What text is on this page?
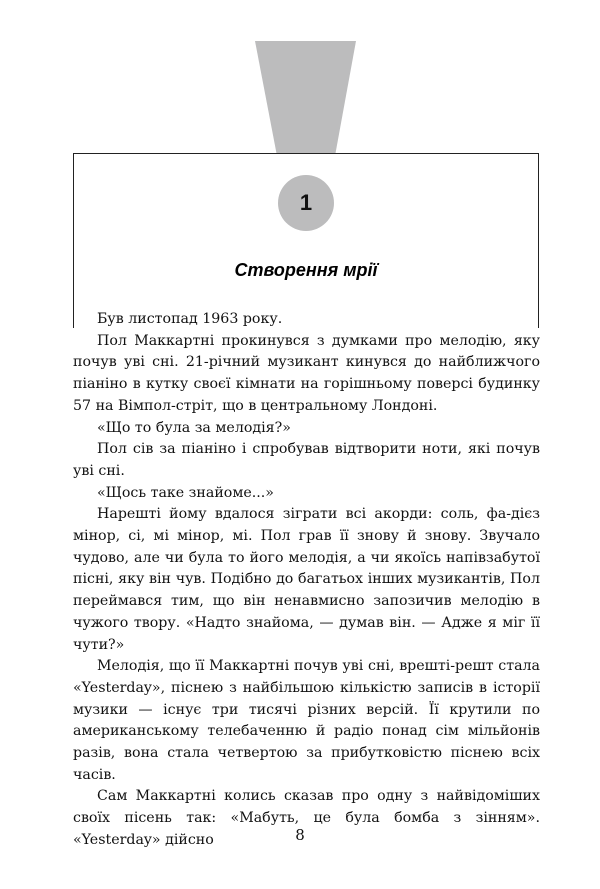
1
Створення мрії

Був листопад 1963 року.

Пол Маккартні прокинувся з думками про мелодію, яку почув уві сні. 21-річний музикант кинувся до найближчого піаніно в кутку своєї кімнати на горішньому поверсі будинку 57 на Вімпол-стріт, що в центральному Лондоні.

«Що то була за мелодія?»

Пол сів за піаніно і спробував відтворити ноти, які почув уві сні.

«Щось таке знайоме...»

Нарешті йому вдалося зіграти всі акорди: соль, фа-дієз мінор, сі, мі мінор, мі. Пол грав її знову й знову. Звучало чудово, але чи була то його мелодія, а чи якоїсь напівзабутої пісні, яку він чув. Подібно до багатьох інших музикантів, Пол переймався тим, що він ненавмисно запозичив мелодію в чужого твору. «Надто знайома, — думав він. — Адже я міг її чути?»

Мелодія, що її Маккартні почув уві сні, врешті-решт стала «Yesterday», піснею з найбільшою кількістю записів в історії музики — існує три тисячі різних версій. Її крутили по американському телебаченню й радіо понад сім мільйонів разів, вона стала четвертою за прибутковістю піснею всіх часів.

Сам Маккартні колись сказав про одну з найвідоміших своїх пісень так: «Мабуть, це була бомба з зінням». «Yesterday» дійсно	8
